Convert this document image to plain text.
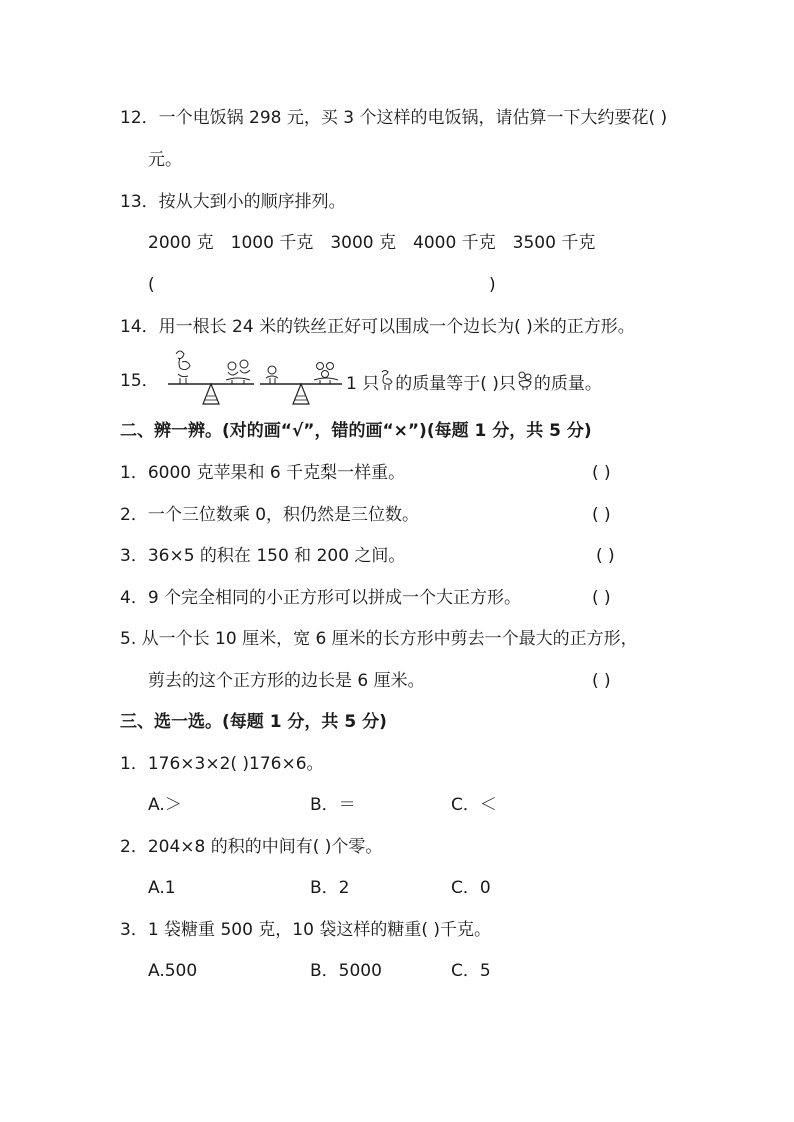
12．一个电饭锅 298 元，买 3 个这样的电饭锅，请估算一下大约要花( )
元。
13．按从大到小的顺序排列。
2000 克　1000 千克　3000 克　4000 千克　3500 千克
(	)
14．用一根长 24 米的铁丝正好可以围成一个边长为( )米的正方形。
15．	1 只 的质量等于( )只 的质量。
二、辨一辨。(对的画“√”，错的画“×”)(每题 1 分，共 5 分)
1．6000 克苹果和 6 千克梨一样重。	( )
2．一个三位数乘 0，积仍然是三位数。	( )
3．36×5 的积在 150 和 200 之间。	( )
4．9 个完全相同的小正方形可以拼成一个大正方形。	( )
5. 从一个长 10 厘米，宽 6 厘米的长方形中剪去一个最大的正方形，
剪去的这个正方形的边长是 6 厘米。	( )
三、选一选。(每题 1 分，共 5 分)
1．176×3×2( )176×6。
A.＞	B．＝	C．＜
2．204×8 的积的中间有( )个零。
A.1	B．2	C．0
3．1 袋糖重 500 克，10 袋这样的糖重( )千克。
A.500	B．5000	C．5
